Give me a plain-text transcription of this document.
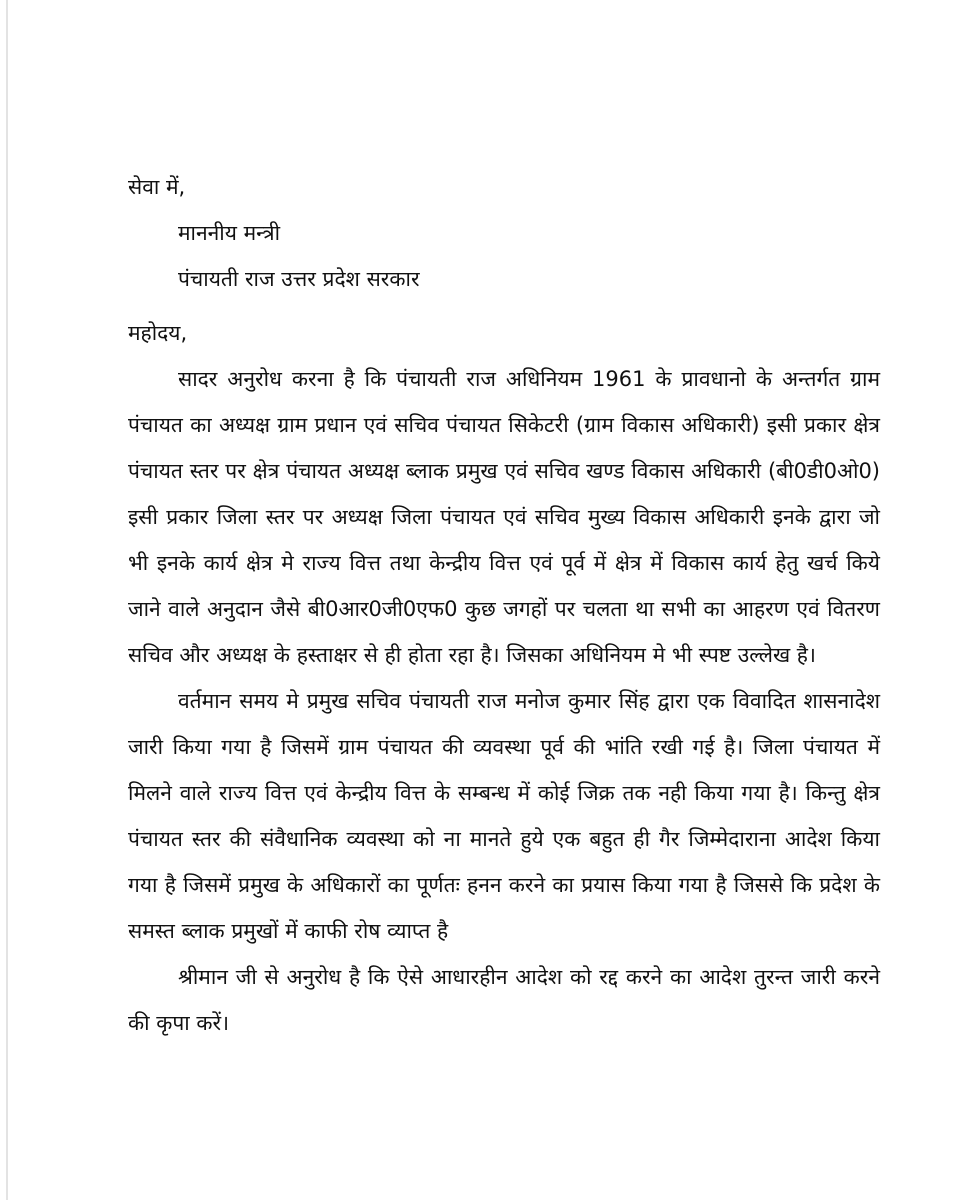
सेवा में,
माननीय मन्त्री
पंचायती राज उत्तर प्रदेश सरकार
महोदय,

सादर अनुरोध करना है कि पंचायती राज अधिनियम 1961 के प्रावधानो के अन्तर्गत ग्राम पंचायत का अध्यक्ष ग्राम प्रधान एवं सचिव पंचायत सिकेटरी (ग्राम विकास अधिकारी) इसी प्रकार क्षेत्र पंचायत स्तर पर क्षेत्र पंचायत अध्यक्ष ब्लाक प्रमुख एवं सचिव खण्ड विकास अधिकारी (बी0डी0ओ0) इसी प्रकार जिला स्तर पर अध्यक्ष जिला पंचायत एवं सचिव मुख्य विकास अधिकारी इनके द्वारा जो भी इनके कार्य क्षेत्र मे राज्य वित्त तथा केन्द्रीय वित्त एवं पूर्व में क्षेत्र में विकास कार्य हेतु खर्च किये जाने वाले अनुदान जैसे बी0आर0जी0एफ0 कुछ जगहों पर चलता था सभी का आहरण एवं वितरण सचिव और अध्यक्ष के हस्ताक्षर से ही होता रहा है। जिसका अधिनियम मे भी स्पष्ट उल्लेख है।

वर्तमान समय मे प्रमुख सचिव पंचायती राज मनोज कुमार सिंह द्वारा एक विवादित शासनादेश जारी किया गया है जिसमें ग्राम पंचायत की व्यवस्था पूर्व की भांति रखी गई है। जिला पंचायत में मिलने वाले राज्य वित्त एवं केन्द्रीय वित्त के सम्बन्ध में कोई जिक्र तक नही किया गया है। किन्तु क्षेत्र पंचायत स्तर की संवैधानिक व्यवस्था को ना मानते हुये एक बहुत ही गैर जिम्मेदाराना आदेश किया गया है जिसमें प्रमुख के अधिकारों का पूर्णतः हनन करने का प्रयास किया गया है जिससे कि प्रदेश के समस्त ब्लाक प्रमुखों में काफी रोष व्याप्त है

श्रीमान जी से अनुरोध है कि ऐसे आधारहीन आदेश को रद्द करने का आदेश तुरन्त जारी करने की कृपा करें।
